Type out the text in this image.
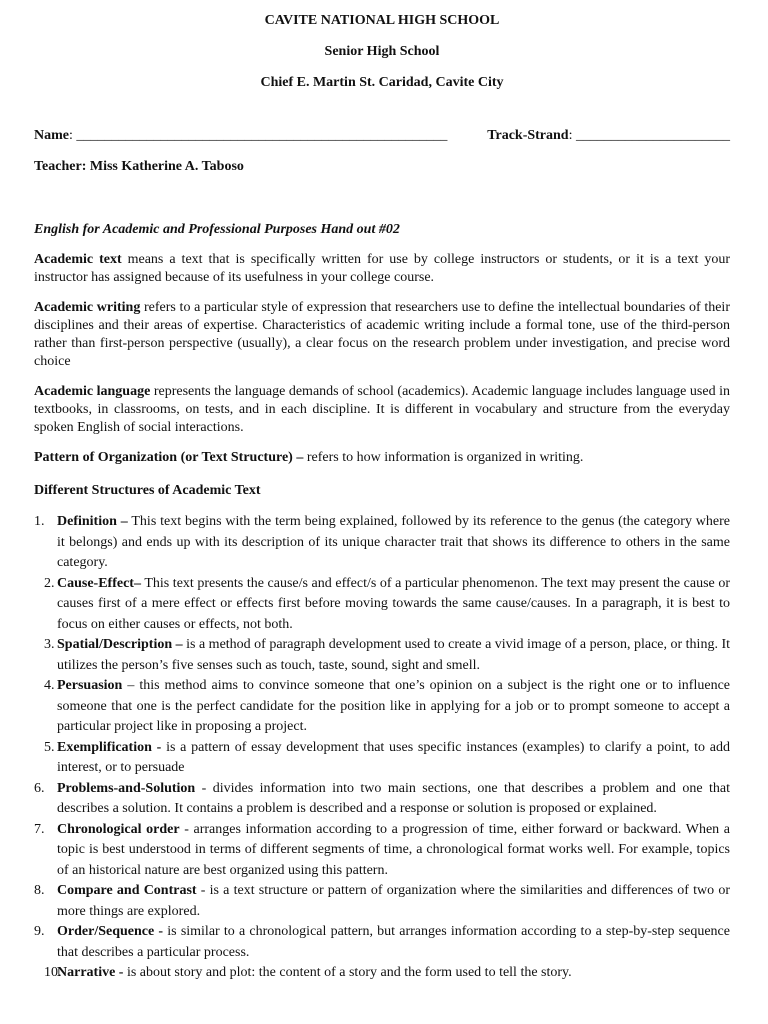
CAVITE NATIONAL HIGH SCHOOL
Senior High School
Chief E. Martin St. Caridad, Cavite City
Name: _____________________________________________________	Track-Strand: ______________________
Teacher: Miss Katherine A. Taboso
English for Academic and Professional Purposes Hand out #02

Academic text means a text that is specifically written for use by college instructors or students, or it is a text your instructor has assigned because of its usefulness in your college course.

Academic writing refers to a particular style of expression that researchers use to define the intellectual boundaries of their disciplines and their areas of expertise. Characteristics of academic writing include a formal tone, use of the third-person rather than first-person perspective (usually), a clear focus on the research problem under investigation, and precise word choice

Academic language represents the language demands of school (academics). Academic language includes language used in textbooks, in classrooms, on tests, and in each discipline. It is different in vocabulary and structure from the everyday spoken English of social interactions.

Pattern of Organization (or Text Structure) – refers to how information is organized in writing.

Different Structures of Academic Text
1. Definition – This text begins with the term being explained, followed by its reference to the genus (the category where it belongs) and ends up with its description of its unique character trait that shows its difference to others in the same category.
2. Cause-Effect– This text presents the cause/s and effect/s of a particular phenomenon. The text may present the cause or causes first of a mere effect or effects first before moving towards the same cause/causes. In a paragraph, it is best to focus on either causes or effects, not both.
3. Spatial/Description – is a method of paragraph development used to create a vivid image of a person, place, or thing. It utilizes the person’s five senses such as touch, taste, sound, sight and smell.
4. Persuasion – this method aims to convince someone that one’s opinion on a subject is the right one or to influence someone that one is the perfect candidate for the position like in applying for a job or to prompt someone to accept a particular project like in proposing a project.
5. Exemplification - is a pattern of essay development that uses specific instances (examples) to clarify a point, to add interest, or to persuade
6. Problems-and-Solution - divides information into two main sections, one that describes a problem and one that describes a solution. It contains a problem is described and a response or solution is proposed or explained.
7. Chronological order - arranges information according to a progression of time, either forward or backward. When a topic is best understood in terms of different segments of time, a chronological format works well. For example, topics of an historical nature are best organized using this pattern.
8. Compare and Contrast - is a text structure or pattern of organization where the similarities and differences of two or more things are explored.
9. Order/Sequence - is similar to a chronological pattern, but arranges information according to a step-by-step sequence that describes a particular process.
10.
Narrative - is about story and plot: the content of a story and the form used to tell the story.
